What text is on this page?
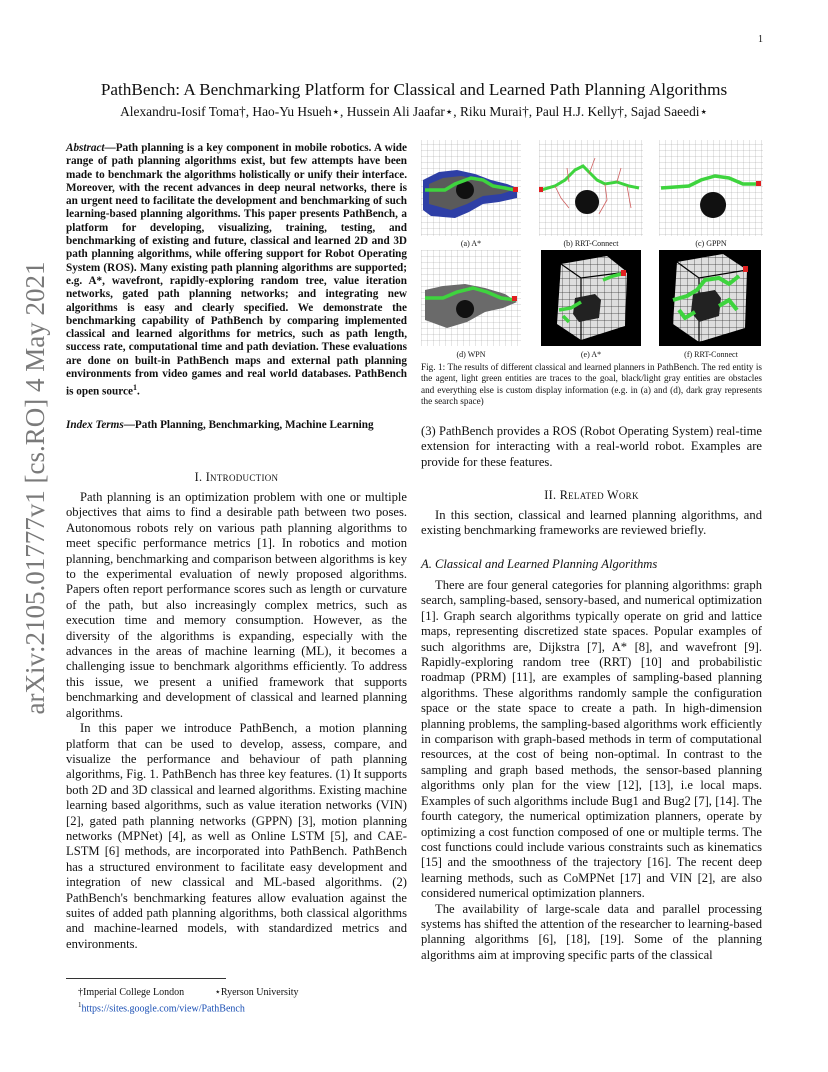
1
arXiv:2105.01777v1 [cs.RO] 4 May 2021
PathBench: A Benchmarking Platform for Classical and Learned Path Planning Algorithms
Alexandru-Iosif Toma†, Hao-Yu Hsueh⋆, Hussein Ali Jaafar⋆, Riku Murai†, Paul H.J. Kelly†, Sajad Saeedi⋆
Abstract—Path planning is a key component in mobile robotics. A wide range of path planning algorithms exist, but few attempts have been made to benchmark the algorithms holistically or unify their interface. Moreover, with the recent advances in deep neural networks, there is an urgent need to facilitate the development and benchmarking of such learning-based planning algorithms. This paper presents PathBench, a platform for developing, visualizing, training, testing, and benchmarking of existing and future, classical and learned 2D and 3D path planning algorithms, while offering support for Robot Operating System (ROS). Many existing path planning algorithms are supported; e.g. A*, wavefront, rapidly-exploring random tree, value iteration networks, gated path planning networks; and integrating new algorithms is easy and clearly specified. We demonstrate the benchmarking capability of PathBench by comparing implemented classical and learned algorithms for metrics, such as path length, success rate, computational time and path deviation. These evaluations are done on built-in PathBench maps and external path planning environments from video games and real world databases. PathBench is open source$^1$.
Index Terms—Path Planning, Benchmarking, Machine Learning
I. Introduction

Path planning is an optimization problem with one or multiple objectives that aims to find a desirable path between two poses. Autonomous robots rely on various path planning algorithms to meet specific performance metrics [1]. In robotics and motion planning, benchmarking and comparison between algorithms is key to the experimental evaluation of newly proposed algorithms. Papers often report performance scores such as length or curvature of the path, but also increasingly complex metrics, such as execution time and memory consumption. However, as the diversity of the algorithms is expanding, especially with the advances in the areas of machine learning (ML), it becomes a challenging issue to benchmark algorithms efficiently. To address this issue, we present a unified framework that supports benchmarking and development of classical and learned planning algorithms.

In this paper we introduce PathBench, a motion planning platform that can be used to develop, assess, compare, and visualize the performance and behaviour of path planning algorithms, Fig. 1. PathBench has three key features. (1) It supports both 2D and 3D classical and learned algorithms. Existing machine learning based algorithms, such as value iteration networks (VIN) [2], gated path planning networks (GPPN) [3], motion planning networks (MPNet) [4], as well as Online LSTM [5], and CAE-LSTM [6] methods, are incorporated into PathBench. PathBench has a structured environment to facilitate easy development and integration of new classical and ML-based algorithms. (2) PathBench's benchmarking features allow evaluation against the suites of added path planning algorithms, both classical algorithms and machine-learned models, with standardized metrics and environments.

†Imperial College London	⋆Ryerson University
$^1$https://sites.google.com/view/PathBench
(a) A*	(b) RRT-Connect	(c) GPPN
(d) WPN	(e) A*	(f) RRT-Connect
Fig. 1: The results of different classical and learned planners in PathBench. The red entity is the agent, light green entities are traces to the goal, black/light gray entities are obstacles and everything else is custom display information (e.g. in (a) and (d), dark gray represents the search space)
(3) PathBench provides a ROS (Robot Operating System) real-time extension for interacting with a real-world robot. Examples are provide for these features.
II. Related Work

In this section, classical and learned planning algorithms, and existing benchmarking frameworks are reviewed briefly.

A. Classical and Learned Planning Algorithms

There are four general categories for planning algorithms: graph search, sampling-based, sensory-based, and numerical optimization [1]. Graph search algorithms typically operate on grid and lattice maps, representing discretized state spaces. Popular examples of such algorithms are, Dijkstra [7], A* [8], and wavefront [9]. Rapidly-exploring random tree (RRT) [10] and probabilistic roadmap (PRM) [11], are examples of sampling-based planning algorithms. These algorithms randomly sample the configuration space or the state space to create a path. In high-dimension planning problems, the sampling-based algorithms work efficiently in comparison with graph-based methods in term of computational resources, at the cost of being non-optimal. In contrast to the sampling and graph based methods, the sensor-based planning algorithms only plan for the view [12], [13], i.e local maps. Examples of such algorithms include Bug1 and Bug2 [7], [14]. The fourth category, the numerical optimization planners, operate by optimizing a cost function composed of one or multiple terms. The cost functions could include various constraints such as kinematics [15] and the smoothness of the trajectory [16]. The recent deep learning methods, such as CoMPNet [17] and VIN [2], are also considered numerical optimization planners.

The availability of large-scale data and parallel processing systems has shifted the attention of the researcher to learning-based planning algorithms [6], [18], [19]. Some of the planning algorithms aim at improving specific parts of the classical
